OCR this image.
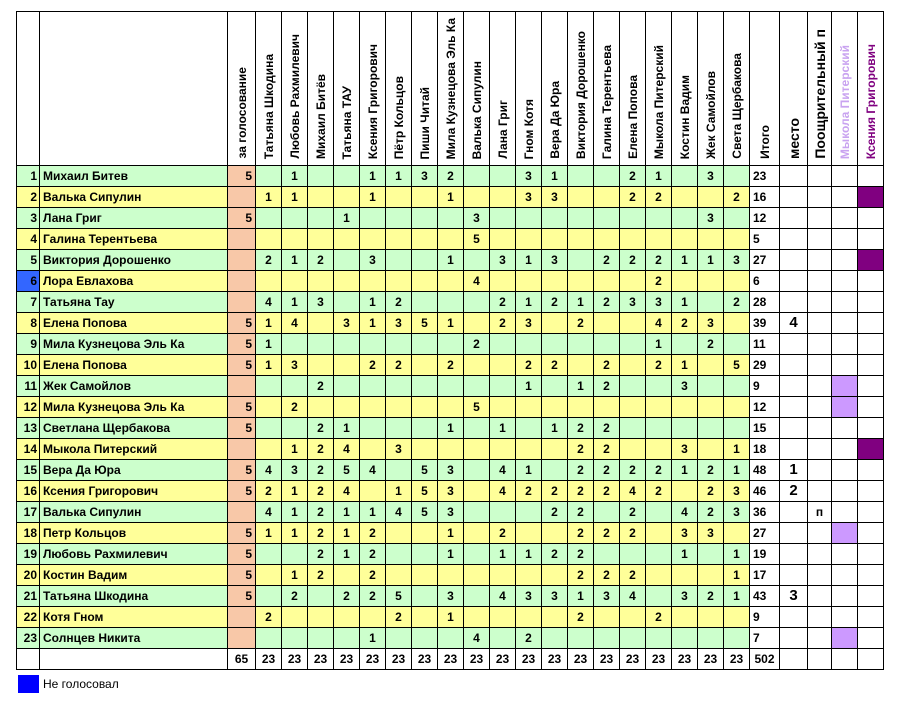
		за голосование	Татьяна Шкодина	Любовь Рахмилевич	Михаил Битёв	Татьяна ТАУ	Ксения Григорович	Пётр Кольцов	Пиши Читай	Мила Кузнецова Эль Ка	Валька Сипулин	Лана Григ	Гном Котя	Вера Да Юра	Виктория Дорошенко	Галина Терентьева	Елена Попова	Мыкола Питерский	Костин Вадим	Жек Самойлов	Света Щербакова	Итого	место	Поощрительный п	Мыкола Питерский	Ксения Григорович
1	Михаил Битев	5		1			1	1	3	2			3	1			2	1		3		23				
2	Валька Сипулин		1	1			1			1			3	3			2	2			2	16				
3	Лана Григ	5				1					3									3		12				
4	Галина Терентьева										5											5				
5	Виктория Дорошенко		2	1	2		3			1		3	1	3		2	2	2	1	1	3	27				
6	Лора Евлахова										4							2				6				
7	Татьяна Тау		4	1	3		1	2				2	1	2	1	2	3	3	1		2	28				
8	Елена Попова	5	1	4		3	1	3	5	1		2	3		2			4	2	3		39	4			
9	Мила Кузнецова Эль Ка	5	1								2							1		2		11				
10	Елена Попова	5	1	3			2	2		2			2	2		2		2	1		5	29				
11	Жек Самойлов				2								1		1	2			3			9				
12	Мила Кузнецова Эль Ка	5		2							5											12				
13	Светлана Щербакова	5			2	1				1		1		1	2	2						15				
14	Мыкола Питерский			1	2	4		3							2	2			3		1	18				
15	Вера Да Юра	5	4	3	2	5	4		5	3		4	1		2	2	2	2	1	2	1	48	1			
16	Ксения Григорович	5	2	1	2	4		1	5	3		4	2	2	2	2	4	2		2	3	46	2			
17	Валька Сипулин		4	1	2	1	1	4	5	3				2	2		2		4	2	3	36		п		
18	Петр Кольцов	5	1	1	2	1	2			1		2			2	2	2		3	3		27				
19	Любовь Рахмилевич	5			2	1	2			1		1	1	2	2				1		1	19				
20	Костин Вадим	5		1	2		2								2	2	2				1	17				
21	Татьяна Шкодина	5		2		2	2	5		3		4	3	3	1	3	4		3	2	1	43	3			
22	Котя Гном		2					2		1					2			2				9				
23	Солнцев Никита						1				4		2									7				
		65	23	23	23	23	23	23	23	23	23	23	23	23	23	23	23	23	23	23	23	502				
Не голосовал
